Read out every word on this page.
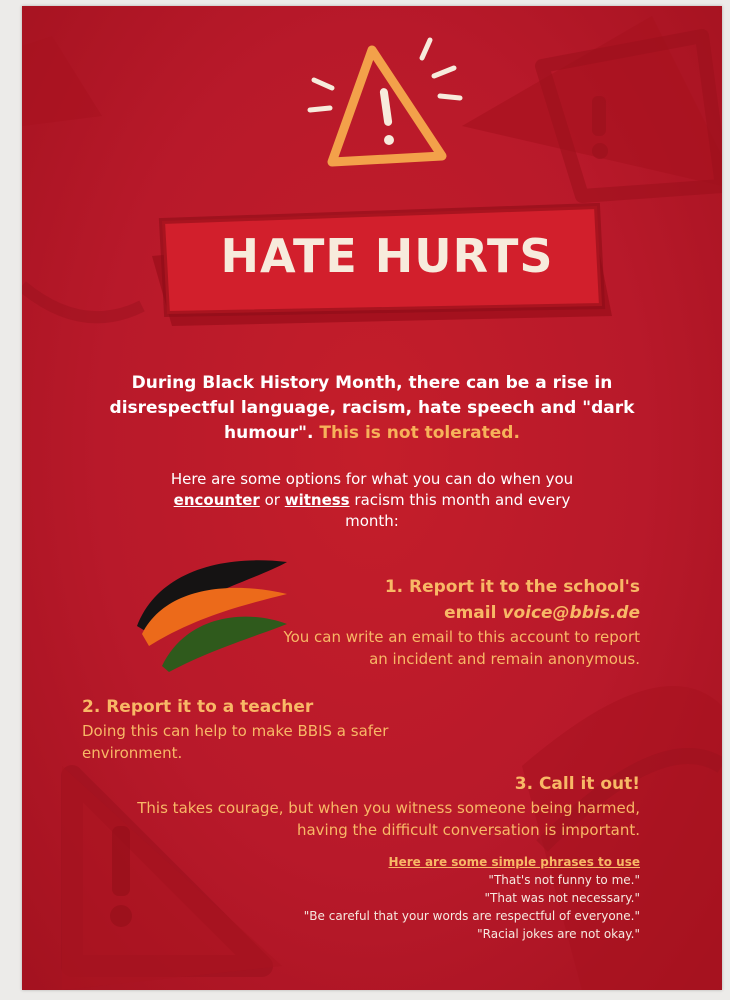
HATE HURTS
During Black History Month, there can be a rise in disrespectful language, racism, hate speech and "dark humour". This is not tolerated.
Here are some options for what you can do when you encounter or witness racism this month and every month:
1. Report it to the school's
email voice@bbis.de
You can write an email to this account to report an incident and remain anonymous.
2. Report it to a teacher
Doing this can help to make BBIS a safer environment.
3. Call it out!
This takes courage, but when you witness someone being harmed, having the difficult conversation is important.
Here are some simple phrases to use
"That's not funny to me."
"That was not necessary."
"Be careful that your words are respectful of everyone."
"Racial jokes are not okay."
